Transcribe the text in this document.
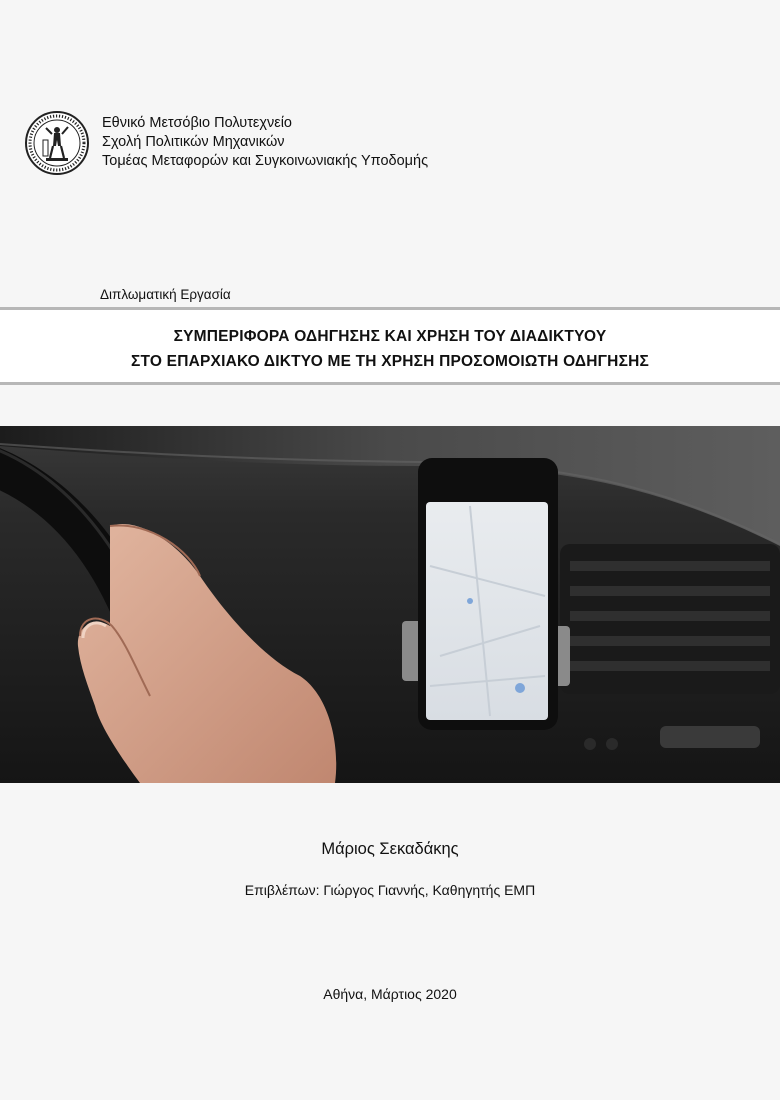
Εθνικό Μετσόβιο Πολυτεχνείο
Σχολή Πολιτικών Μηχανικών
Τομέας Μεταφορών και Συγκοινωνιακής Υποδομής
Διπλωματική Εργασία
ΣΥΜΠΕΡΙΦΟΡΑ ΟΔΗΓΗΣΗΣ ΚΑΙ ΧΡΗΣΗ ΤΟΥ ΔΙΑΔΙΚΤΥΟΥ
ΣΤΟ ΕΠΑΡΧΙΑΚΟ ΔΙΚΤΥΟ ΜΕ ΤΗ ΧΡΗΣΗ ΠΡΟΣΟΜΟΙΩΤΗ ΟΔΗΓΗΣΗΣ
Μάριος Σεκαδάκης
Επιβλέπων: Γιώργος Γιαννής, Καθηγητής ΕΜΠ
Αθήνα, Μάρτιος 2020
